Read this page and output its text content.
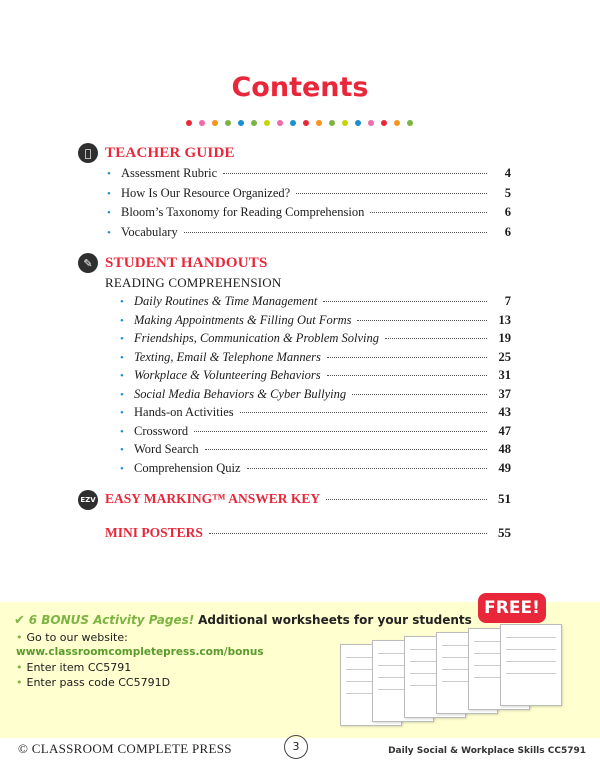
Contents
TEACHER GUIDE
• Assessment Rubric	4
• How Is Our Resource Organized?	5
• Bloom’s Taxonomy for Reading Comprehension	6
• Vocabulary	6
✎ STUDENT HANDOUTS
READING COMPREHENSION
• Daily Routines & Time Management	7
• Making Appointments & Filling Out Forms	13
• Friendships, Communication & Problem Solving	19
• Texting, Email & Telephone Manners	25
• Workplace & Volunteering Behaviors	31
• Social Media Behaviors & Cyber Bullying	37
• Hands-on Activities	43
• Crossword	47
• Word Search	48
• Comprehension Quiz	49
EZV EASY MARKING™ ANSWER KEY	51
MINI POSTERS	55
✔ 6 BONUS Activity Pages! Additional worksheets for your students
• Go to our website:
www.classroomcompletepress.com/bonus
• Enter item CC5791
• Enter pass code CC5791D
FREE!
© CLASSROOM COMPLETE PRESS	3	Daily Social & Workplace Skills CC5791
